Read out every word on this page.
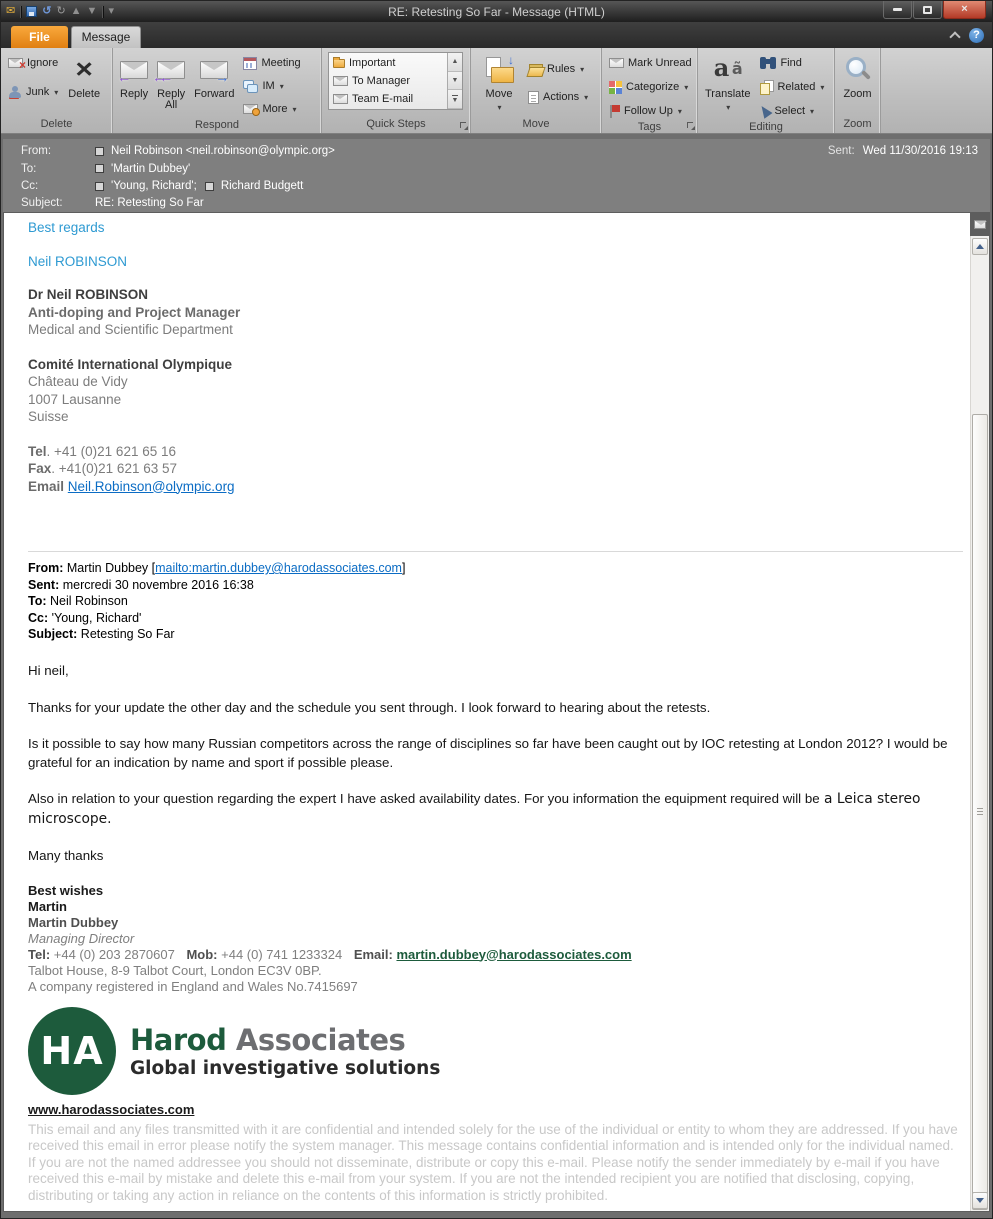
✉ ↺ ↻ ▲ ▼ ▾	RE: Retesting So Far - Message (HTML)	×
File	Message	?
×
Ignore
Junk ▾
×
Delete
Delete
←
Reply
←←
Reply All
→
Forward
Meeting
IM ▾
More ▾
Respond
Important
To Manager
Team E-mail
▲
▼
▼
Quick Steps
↓
Move
▾
Rules ▾
Actions ▾
Move
Mark Unread
Categorize ▾
Follow Up ▾
Tags
a ã
Translate
▾
Find
Related ▾
Select ▾
Editing
Zoom
Zoom
From:	Neil Robinson <neil.robinson@olympic.org>
To:	'Martin Dubbey'
Cc:	'Young, Richard'; Richard Budgett
Subject:	RE: Retesting So Far
Sent: Wed 11/30/2016 19:13
Best regards
Neil ROBINSON
Dr Neil ROBINSON
Anti-doping and Project Manager
Medical and Scientific Department
Comité International Olympique
Château de Vidy
1007 Lausanne
Suisse
Tel. +41 (0)21 621 65 16
Fax. +41(0)21 621 63 57
Email Neil.Robinson@olympic.org
From: Martin Dubbey [mailto:martin.dubbey@harodassociates.com]
Sent: mercredi 30 novembre 2016 16:38
To: Neil Robinson
Cc: 'Young, Richard'
Subject: Retesting So Far
Hi neil,
Thanks for your update the other day and the schedule you sent through. I look forward to hearing about the retests.
Is it possible to say how many Russian competitors across the range of disciplines so far have been caught out by IOC retesting at London 2012? I would be grateful for an indication by name and sport if possible please.
Also in relation to your question regarding the expert I have asked availability dates. For you information the equipment required will be a Leica stereo microscope.
Many thanks
Best wishes
Martin
Martin Dubbey
Managing Director
Tel: +44 (0) 203 2870607 Mob: +44 (0) 741 1233324 Email: martin.dubbey@harodassociates.com
Talbot House, 8-9 Talbot Court, London EC3V 0BP.
A company registered in England and Wales No.7415697
HA Harod Associates
Global investigative solutions
www.harodassociates.com
This email and any files transmitted with it are confidential and intended solely for the use of the individual or entity to whom they are addressed. If you have received this email in error please notify the system manager. This message contains confidential information and is intended only for the individual named. If you are not the named addressee you should not disseminate, distribute or copy this e-mail. Please notify the sender immediately by e-mail if you have received this e-mail by mistake and delete this e-mail from your system. If you are not the intended recipient you are notified that disclosing, copying, distributing or taking any action in reliance on the contents of this information is strictly prohibited.
